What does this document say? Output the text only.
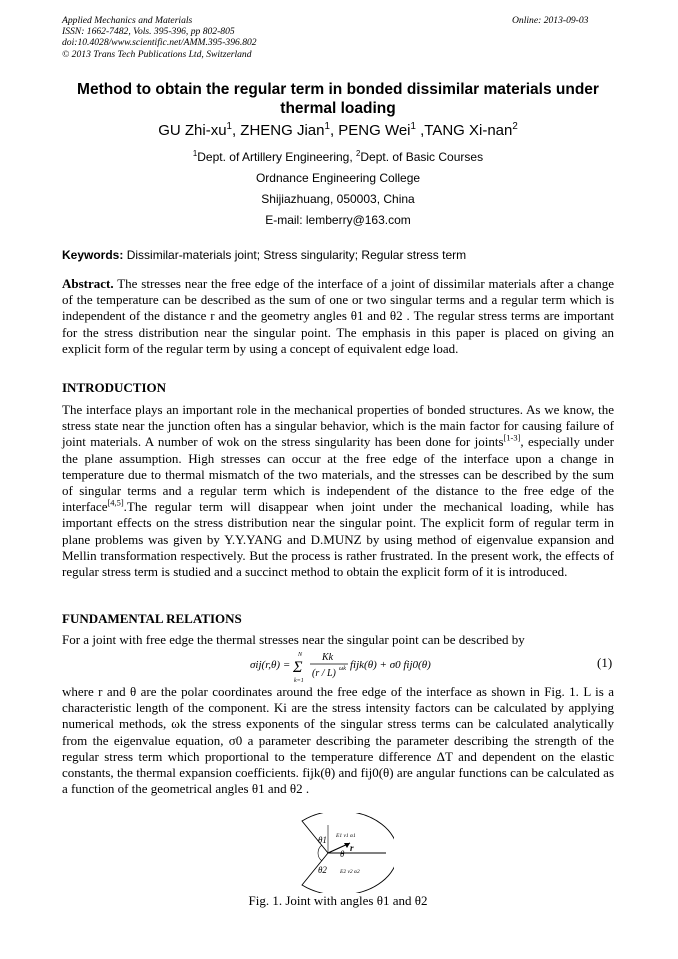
Applied Mechanics and Materials
ISSN: 1662-7482, Vols. 395-396, pp 802-805
doi:10.4028/www.scientific.net/AMM.395-396.802
© 2013 Trans Tech Publications Ltd, Switzerland
Online: 2013-09-03
Method to obtain the regular term in bonded dissimilar materials under thermal loading
GU Zhi-$xu^1$, ZHENG Jian$^1$, PENG Wei$^1$ ,TANG Xi-nan$^2$
$^1$Dept. of Artillery Engineering, $^2$Dept. of Basic Courses
Ordnance Engineering College
Shijiazhuang, 050003, China
E-mail: lemberry@163.com
Keywords: Dissimilar-materials joint; Stress singularity; Regular stress term
Abstract. The stresses near the free edge of the interface of a joint of dissimilar materials after a change of the temperature can be described as the sum of one or two singular terms and a regular term which is independent of the distance r and the geometry angles θ1 and θ2 . The regular stress terms are important for the stress distribution near the singular point. The emphasis in this paper is placed on giving an explicit form of the regular term by using a concept of equivalent edge load.
INTRODUCTION
The interface plays an important role in the mechanical properties of bonded structures. As we know, the stress state near the junction often has a singular behavior, which is the main factor for causing failure of joint materials. A number of wok on the stress singularity has been done for joints[1-3], especially under the plane assumption. High stresses can occur at the free edge of the interface upon a change in temperature due to thermal mismatch of the two materials, and the stresses can be described by the sum of singular terms and a regular term which is independent of the distance to the free edge of the interface[4,5].The regular term will disappear when joint under the mechanical loading, while has important effects on the stress distribution near the singular point. The explicit form of regular term in plane problems was given by Y.Y.YANG and D.MUNZ by using method of eigenvalue expansion and Mellin transformation respectively. But the process is rather frustrated. In the present work, the effects of regular stress term is studied and a succinct method to obtain the explicit form of it is introduced.
FUNDAMENTAL RELATIONS
For a joint with free edge the thermal stresses near the singular point can be described by
σij(r,θ) =
N
Σ
k=1
Kk
(r / L) ωk fijk(θ) + σ0 fij0(θ)	(1)
where r and θ are the polar coordinates around the free edge of the interface as shown in Fig. 1. L is a characteristic length of the component. Ki are the stress intensity factors can be calculated by applying numerical methods, ωk the stress exponents of the singular stress terms can be calculated analytically from the eigenvalue equation, σ0 a parameter describing the parameter describing the strength of the regular stress term which proportional to the temperature difference ΔT and dependent on the elastic constants, the thermal expansion coefficients. fijk(θ) and fij0(θ) are angular functions can be calculated as a function of the geometrical angles θ1 and θ2 .
θ1
θ2
θ
r
E1 ν1 α1
E2 ν2 α2
Fig. 1. Joint with angles θ1 and θ2
